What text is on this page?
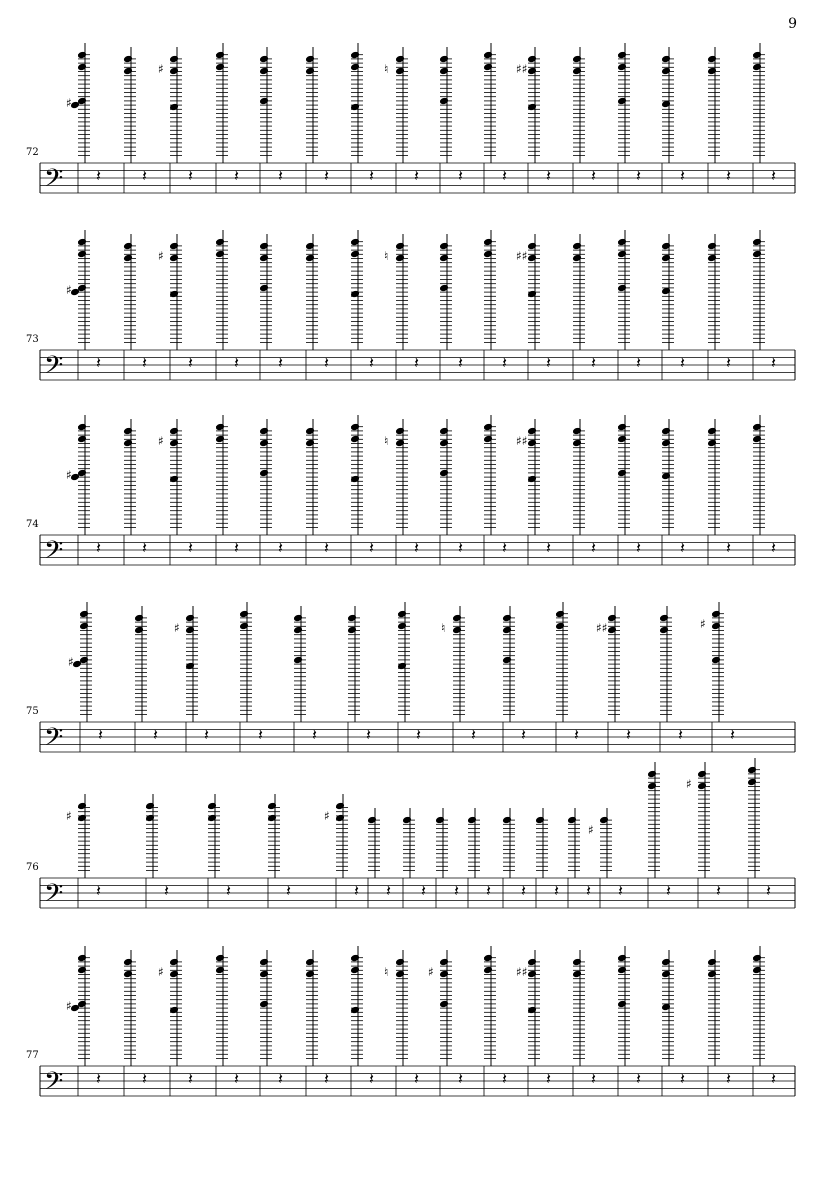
9
72
𝄢
♯
𝄽	𝄽
♯
𝄽	𝄽 𝄽	𝄽	𝄽
♮
𝄽 𝄽 𝄽
♯♯
𝄽	𝄽	𝄽 𝄽	𝄽	𝄽
73
𝄢
♯
𝄽	𝄽
♯
𝄽	𝄽 𝄽	𝄽	𝄽
♮
𝄽 𝄽 𝄽
♯♯
𝄽	𝄽	𝄽 𝄽	𝄽	𝄽
74
𝄢
♯
𝄽	𝄽
♯
𝄽	𝄽 𝄽	𝄽	𝄽
♮
𝄽 𝄽 𝄽
♯♯
𝄽	𝄽	𝄽 𝄽	𝄽	𝄽
75
𝄢
♯
𝄽	𝄽
♯
𝄽	𝄽	𝄽	𝄽	𝄽
♮
𝄽	𝄽	𝄽
♯♯
𝄽	𝄽
♯
𝄽
76
𝄢
♯
𝄽	𝄽	𝄽	𝄽
♯
𝄽 𝄽 𝄽 𝄽 𝄽 𝄽 𝄽 𝄽
♯
𝄽	𝄽
♯
𝄽	𝄽
77
𝄢
♯
𝄽	𝄽
♯
𝄽	𝄽 𝄽	𝄽	𝄽
♮
𝄽
♯
𝄽 𝄽
♯♯
𝄽	𝄽	𝄽 𝄽	𝄽	𝄽
